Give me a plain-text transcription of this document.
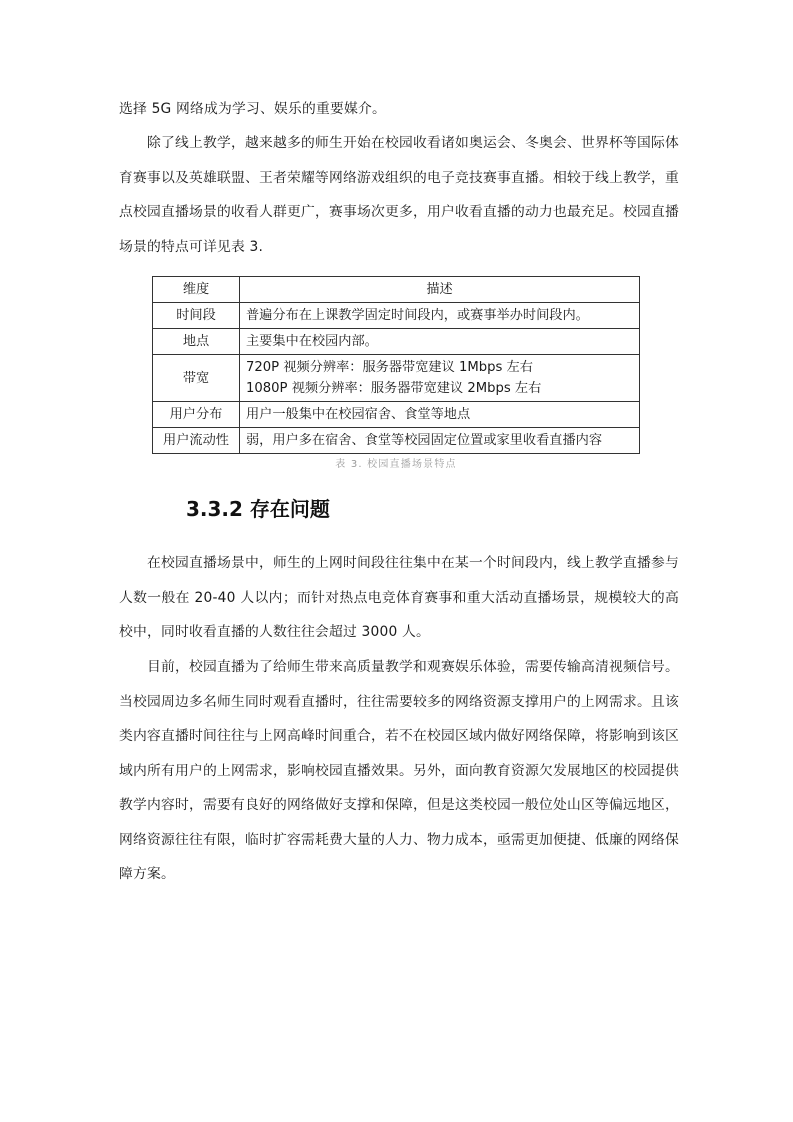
选择 5G 网络成为学习、娱乐的重要媒介。

除了线上教学，越来越多的师生开始在校园收看诸如奥运会、冬奥会、世界杯等国际体育赛事以及英雄联盟、王者荣耀等网络游戏组织的电子竞技赛事直播。相较于线上教学，重点校园直播场景的收看人群更广，赛事场次更多，用户收看直播的动力也最充足。校园直播场景的特点可详见表 3.

维度	描述
时间段	普遍分布在上课教学固定时间段内，或赛事举办时间段内。
地点	主要集中在校园内部。
带宽	720P 视频分辨率：服务器带宽建议 1Mbps 左右
1080P 视频分辨率：服务器带宽建议 2Mbps 左右

用户分布	用户一般集中在校园宿舍、食堂等地点
用户流动性	弱，用户多在宿舍、食堂等校园固定位置或家里收看直播内容
表 3. 校园直播场景特点
3.3.2 存在问题

在校园直播场景中，师生的上网时间段往往集中在某一个时间段内，线上教学直播参与人数一般在 20-40 人以内；而针对热点电竞体育赛事和重大活动直播场景，规模较大的高校中，同时收看直播的人数往往会超过 3000 人。

目前，校园直播为了给师生带来高质量教学和观赛娱乐体验，需要传输高清视频信号。当校园周边多名师生同时观看直播时，往往需要较多的网络资源支撑用户的上网需求。且该类内容直播时间往往与上网高峰时间重合，若不在校园区域内做好网络保障，将影响到该区域内所有用户的上网需求，影响校园直播效果。另外，面向教育资源欠发展地区的校园提供教学内容时，需要有良好的网络做好支撑和保障，但是这类校园一般位处山区等偏远地区，网络资源往往有限，临时扩容需耗费大量的人力、物力成本，亟需更加便捷、低廉的网络保障方案。
